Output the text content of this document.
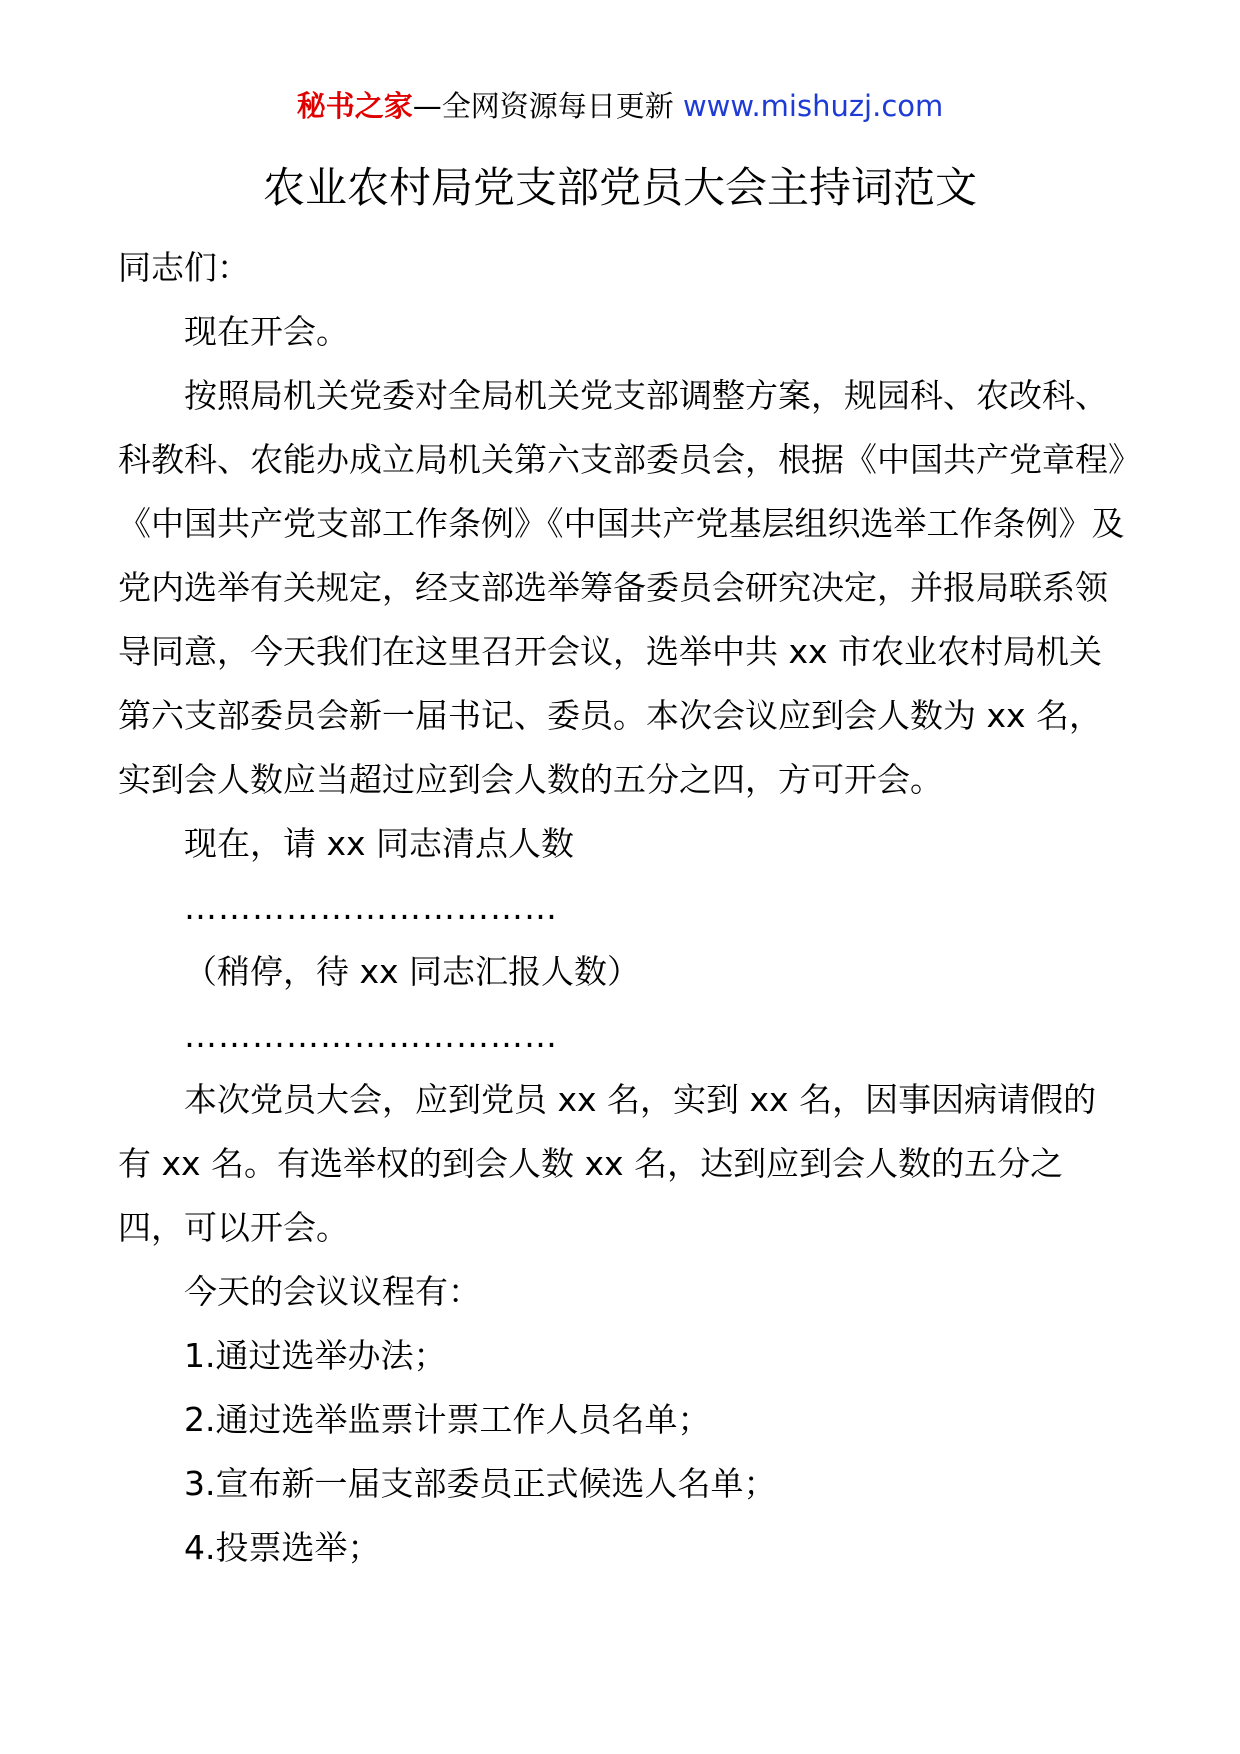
秘书之家—全网资源每日更新 www.mishuzj.com
农业农村局党支部党员大会主持词范文

同志们：

现在开会。

按照局机关党委对全局机关党支部调整方案，规园科、农改科、科教科、农能办成立局机关第六支部委员会，根据《中国共产党章程》《中国共产党支部工作条例》《中国共产党基层组织选举工作条例》及党内选举有关规定，经支部选举筹备委员会研究决定，并报局联系领导同意，今天我们在这里召开会议，选举中共 xx 市农业农村局机关第六支部委员会新一届书记、委员。本次会议应到会人数为 xx 名，实到会人数应当超过应到会人数的五分之四，方可开会。

现在，请 xx 同志清点人数

……………………………

（稍停，待 xx 同志汇报人数）

……………………………

本次党员大会，应到党员 xx 名，实到 xx 名，因事因病请假的有 xx 名。有选举权的到会人数 xx 名，达到应到会人数的五分之四，可以开会。

今天的会议议程有：

1.通过选举办法；

2.通过选举监票计票工作人员名单；

3.宣布新一届支部委员正式候选人名单；

4.投票选举；
